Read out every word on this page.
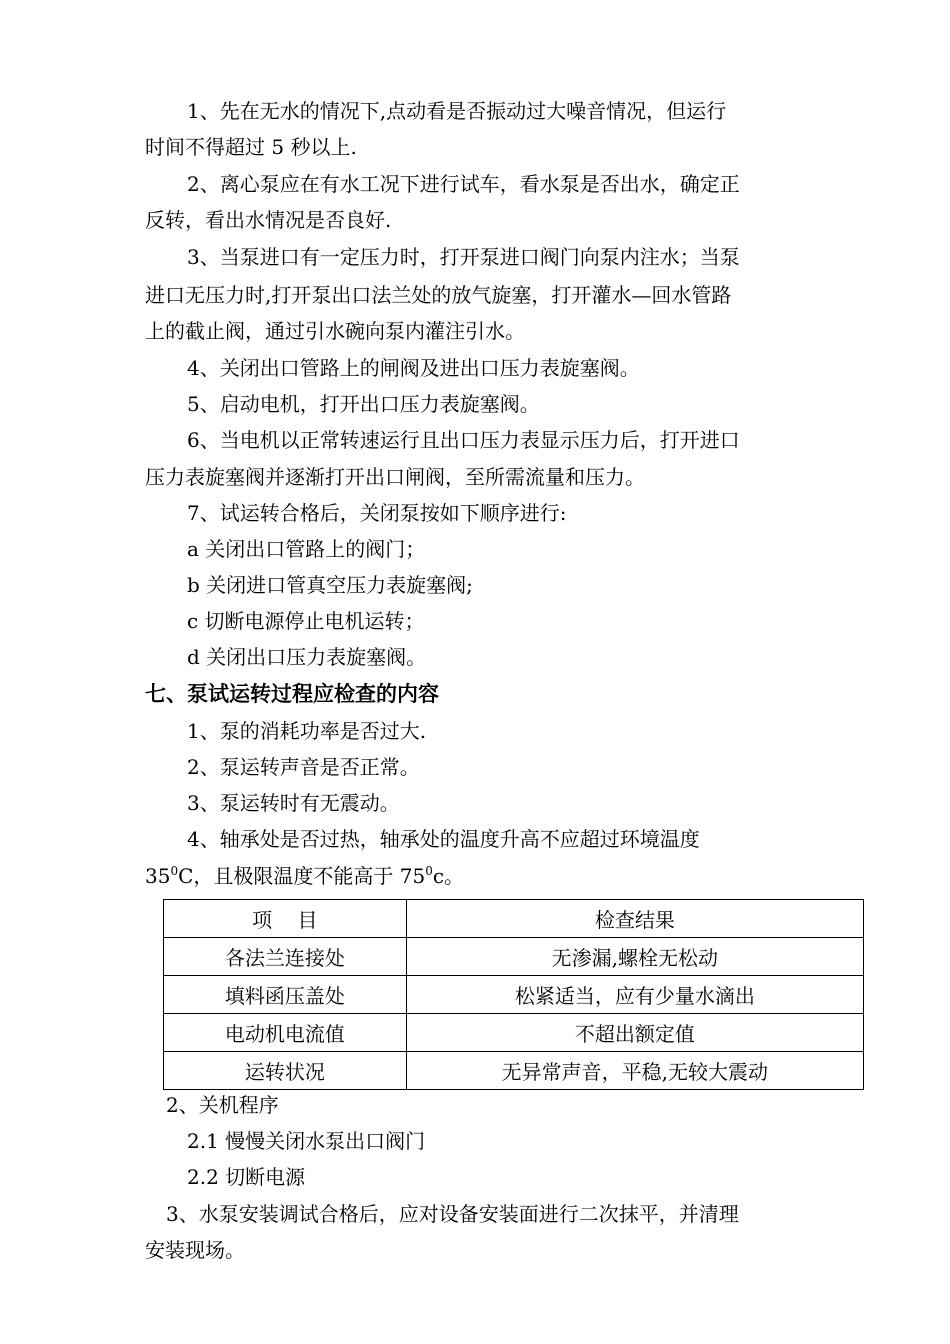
1、先在无水的情况下,点动看是否振动过大噪音情况，但运行
时间不得超过 5 秒以上.
2、离心泵应在有水工况下进行试车，看水泵是否出水，确定正
反转，看出水情况是否良好.
3、当泵进口有一定压力时，打开泵进口阀门向泵内注水；当泵
进口无压力时,打开泵出口法兰处的放气旋塞，打开灌水—回水管路
上的截止阀，通过引水碗向泵内灌注引水。
4、关闭出口管路上的闸阀及进出口压力表旋塞阀。
5、启动电机，打开出口压力表旋塞阀。
6、当电机以正常转速运行且出口压力表显示压力后，打开进口
压力表旋塞阀并逐渐打开出口闸阀，至所需流量和压力。
7、试运转合格后，关闭泵按如下顺序进行:
a 关闭出口管路上的阀门；
b 关闭进口管真空压力表旋塞阀;
c 切断电源停止电机运转；
d 关闭出口压力表旋塞阀。
七、泵试运转过程应检查的内容
1、泵的消耗功率是否过大.
2、泵运转声音是否正常。
3、泵运转时有无震动。
4、轴承处是否过热，轴承处的温度升高不应超过环境温度
$35^0C$，且极限温度不能高于 $75^0c$。
项    目	检查结果
各法兰连接处	无渗漏,螺栓无松动
填料函压盖处	松紧适当，应有少量水滴出
电动机电流值	不超出额定值
运转状况	无异常声音，平稳,无较大震动
2、关机程序
2.1 慢慢关闭水泵出口阀门
2.2 切断电源
3、水泵安装调试合格后，应对设备安装面进行二次抹平，并清理
安装现场。
